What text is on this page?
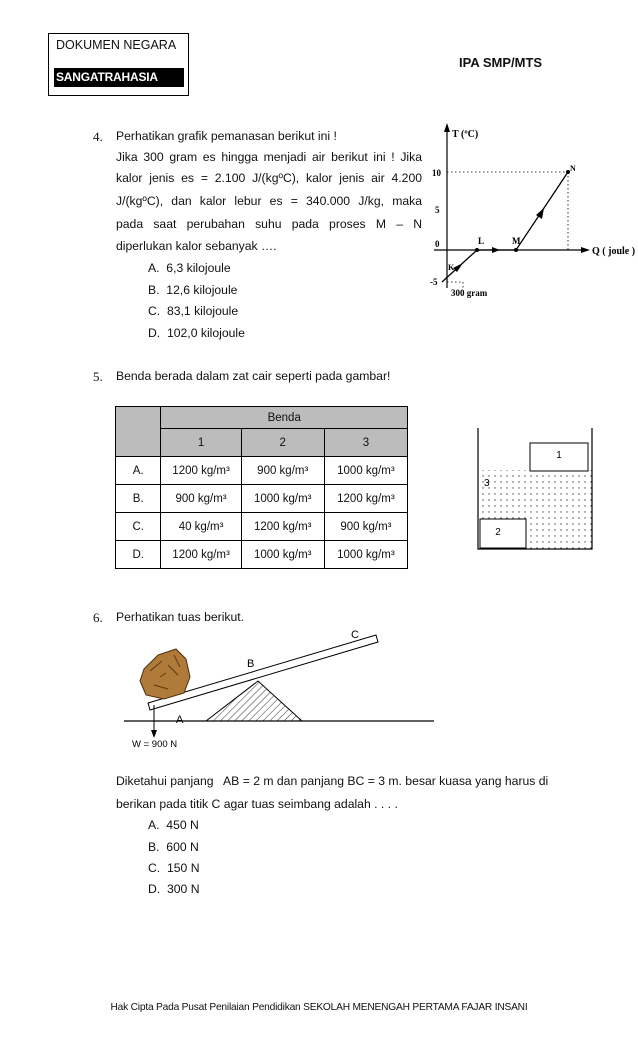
DOKUMEN NEGARA
SANGATRAHASIA
IPA SMP/MTS
4. Perhatikan grafik pemanasan berikut ini !
Jika 300 gram es hingga menjadi air berikut ini ! Jika
kalor jenis es = 2.100 J/(kgºC), kalor jenis air 4.200
J/(kgºC), dan kalor lebur es = 340.000 J/kg, maka
pada saat perubahan suhu pada proses M – N
diperlukan kalor sebanyak ….
A. 6,3 kilojoule
B. 12,6 kilojoule
C. 83,1 kilojoule
D. 102,0 kilojoule
T (ºC)
Q ( joule )
10
5
0
-5
K
L	M
N
300 gram
5. Benda berada dalam zat cair seperti pada gambar!
	Benda		
	1	2	3
A.	1200 kg/m³	900 kg/m³	1000 kg/m³
B.	900 kg/m³	1000 kg/m³	1200 kg/m³
C.	40 kg/m³	1200 kg/m³	900 kg/m³
D.	1200 kg/m³	1000 kg/m³	1000 kg/m³
1
2
3
6. Perhatikan tuas berikut.
C
B
A
W = 900 N
Diketahui panjang   AB = 2 m dan panjang BC = 3 m. besar kuasa yang harus di
berikan pada titik C agar tuas seimbang adalah . . . .
A. 450 N
B. 600 N
C. 150 N
D. 300 N
Hak Cipta Pada Pusat Penilaian Pendidikan SEKOLAH MENENGAH PERTAMA FAJAR INSANI
